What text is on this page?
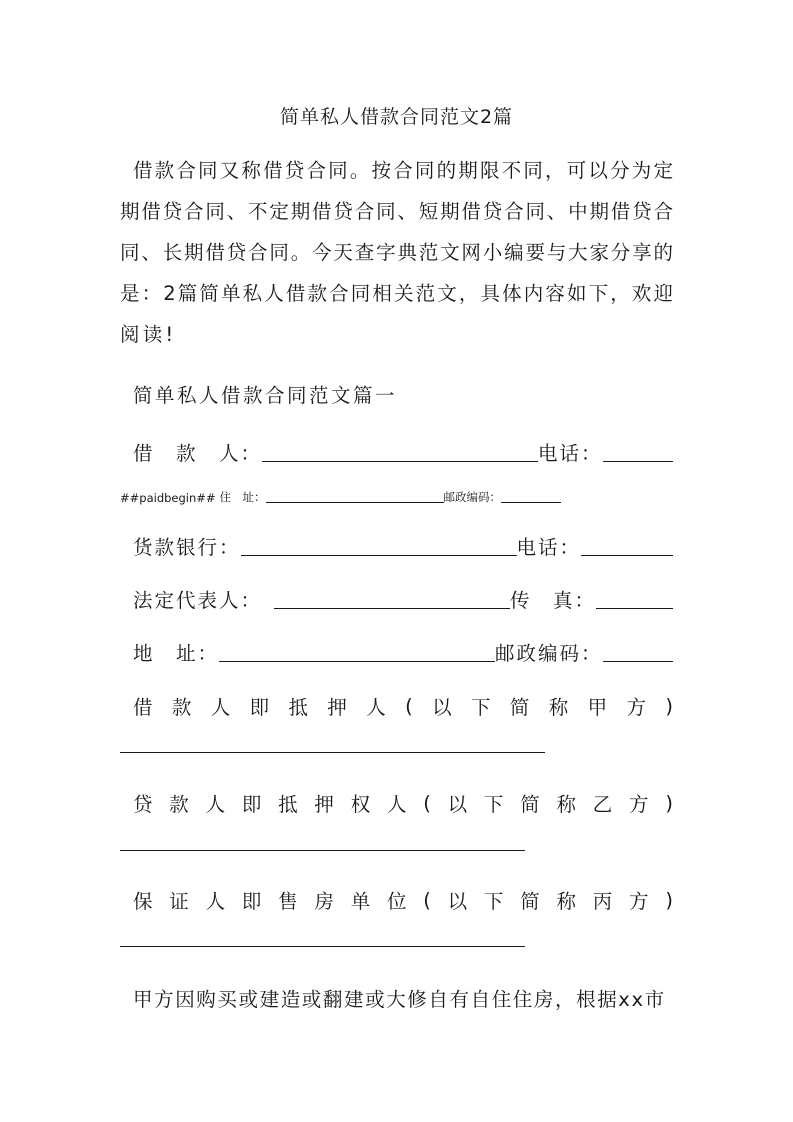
简单私人借款合同范文2篇
借款合同又称借贷合同。按合同的期限不同，可以分为定
期借贷合同、不定期借贷合同、短期借贷合同、中期借贷合
同、长期借贷合同。今天查字典范文网小编要与大家分享的
是：2篇简单私人借款合同相关范文，具体内容如下，欢迎
阅读!
简单私人借款合同范文篇一
借　款　人：	电话：
##paidbegin## 住　址：	邮政编码：
货款银行：	电话：
法定代表人：	传　真：
地　址：	邮政编码：
借 款 人 即 抵 押 人 ( 以 下 简 称 甲 方 )
贷 款 人 即 抵 押 权 人 ( 以 下 简 称 乙 方 )
保 证 人 即 售 房 单 位 ( 以 下 简 称 丙 方 )
甲方因购买或建造或翻建或大修自有自住住房，根据xx市
